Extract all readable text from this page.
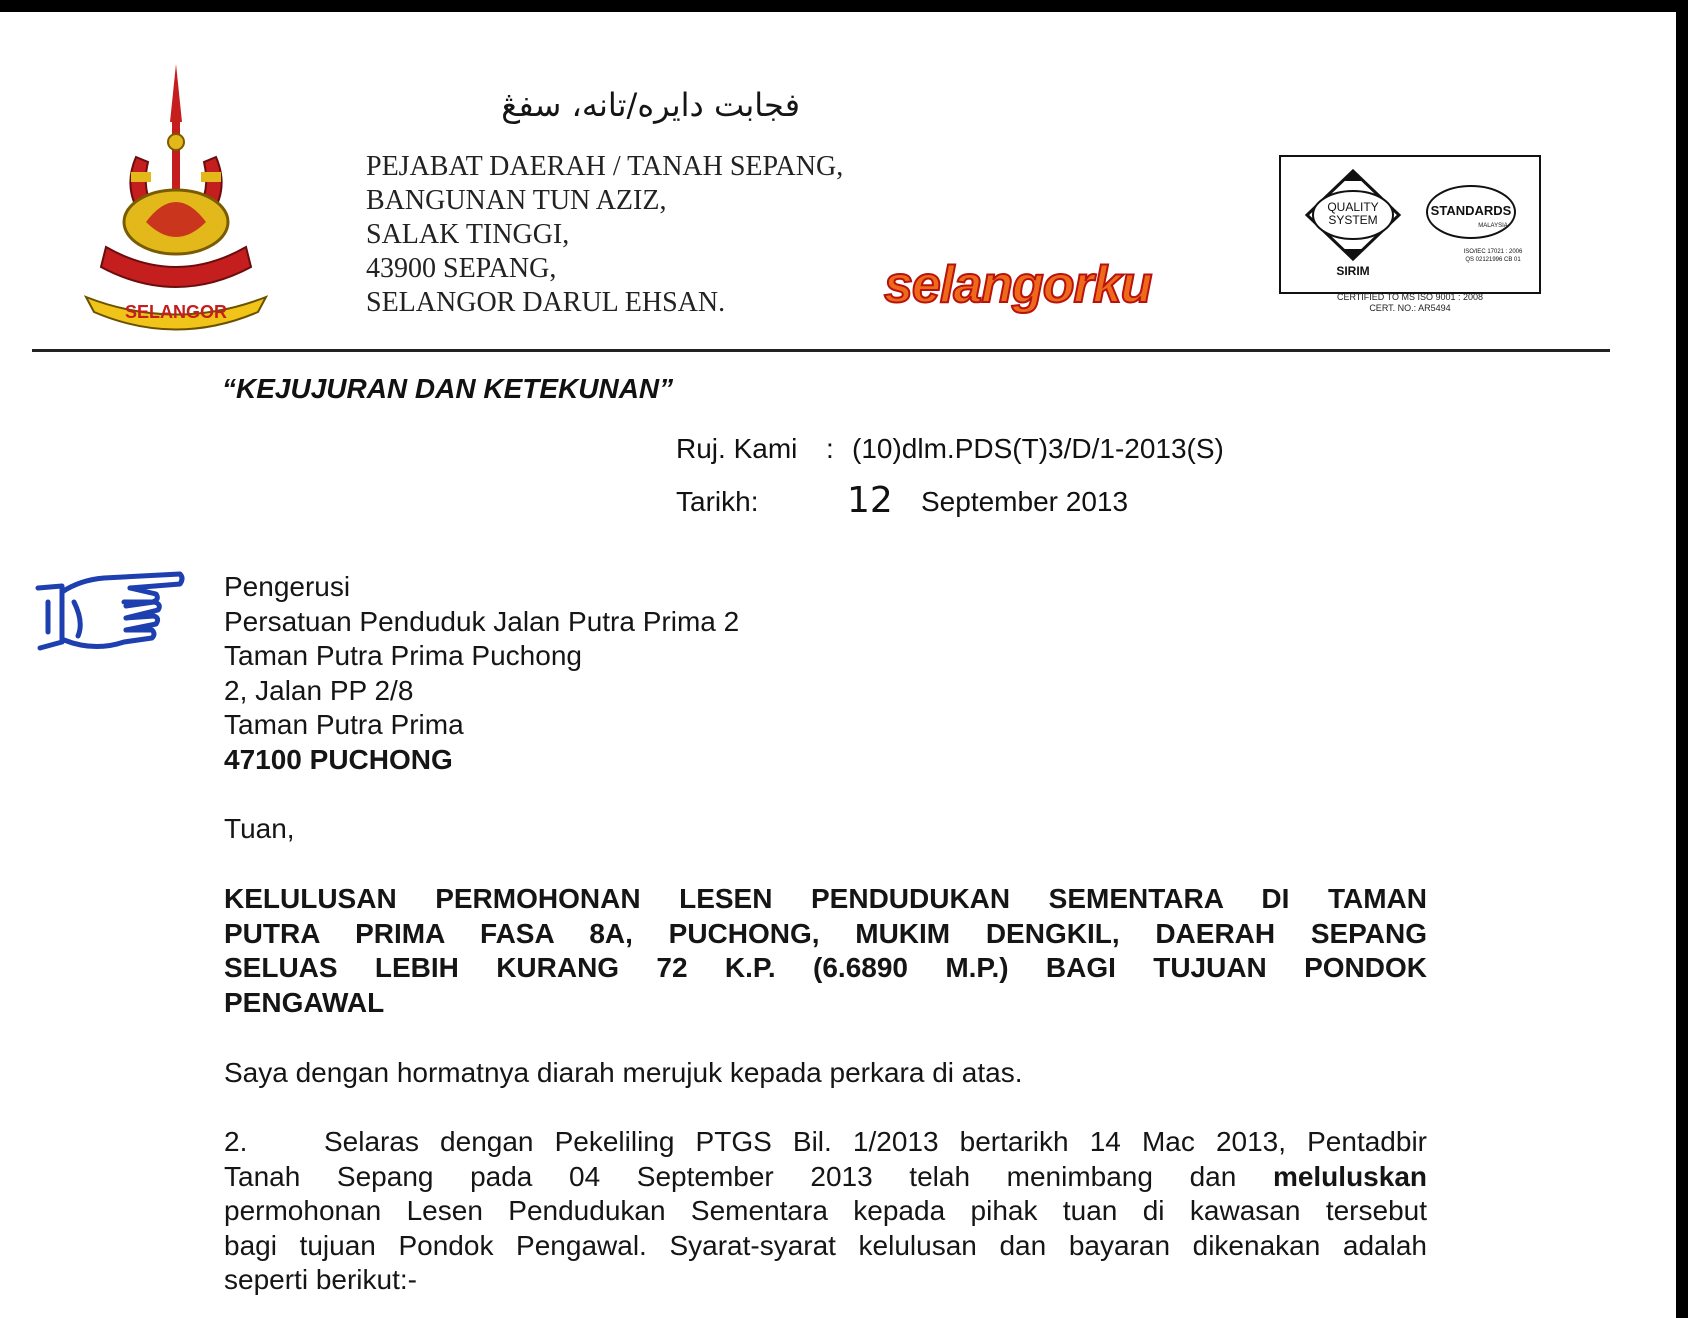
SELANGOR
فجابت دايره/تانه، سفڠ
PEJABAT DAERAH / TANAH SEPANG,
BANGUNAN TUN AZIZ,
SALAK TINGGI,
43900 SEPANG,
SELANGOR DARUL EHSAN.	selangorku
QUALITY
SYSTEM
SIRIM
STANDARDS
MALAYSIA
ISO/IEC 17021 : 2006
QS 02121996 CB 01
CERTIFIED TO MS ISO 9001 : 2008
CERT. NO.: AR5494
“KEJUJURAN DAN KETEKUNAN”
Ruj. Kami : (10)dlm.PDS(T)3/D/1-2013(S)
Tarikh: 12 September 2013
Pengerusi
Persatuan Penduduk Jalan Putra Prima 2
Taman Putra Prima Puchong
2, Jalan PP 2/8
Taman Putra Prima
47100 PUCHONG
Tuan,
KELULUSAN PERMOHONAN LESEN PENDUDUKAN SEMENTARA DI TAMAN
PUTRA PRIMA FASA 8A, PUCHONG, MUKIM DENGKIL, DAERAH SEPANG
SELUAS LEBIH KURANG 72 K.P. (6.6890 M.P.) BAGI TUJUAN PONDOK
PENGAWAL
Saya dengan hormatnya diarah merujuk kepada perkara di atas.
2.	Selaras dengan Pekeliling PTGS Bil. 1/2013 bertarikh 14 Mac 2013, Pentadbir
Tanah Sepang pada 04 September 2013 telah menimbang dan meluluskan
permohonan Lesen Pendudukan Sementara kepada pihak tuan di kawasan tersebut
bagi tujuan Pondok Pengawal. Syarat-syarat kelulusan dan bayaran dikenakan adalah
seperti berikut:-
